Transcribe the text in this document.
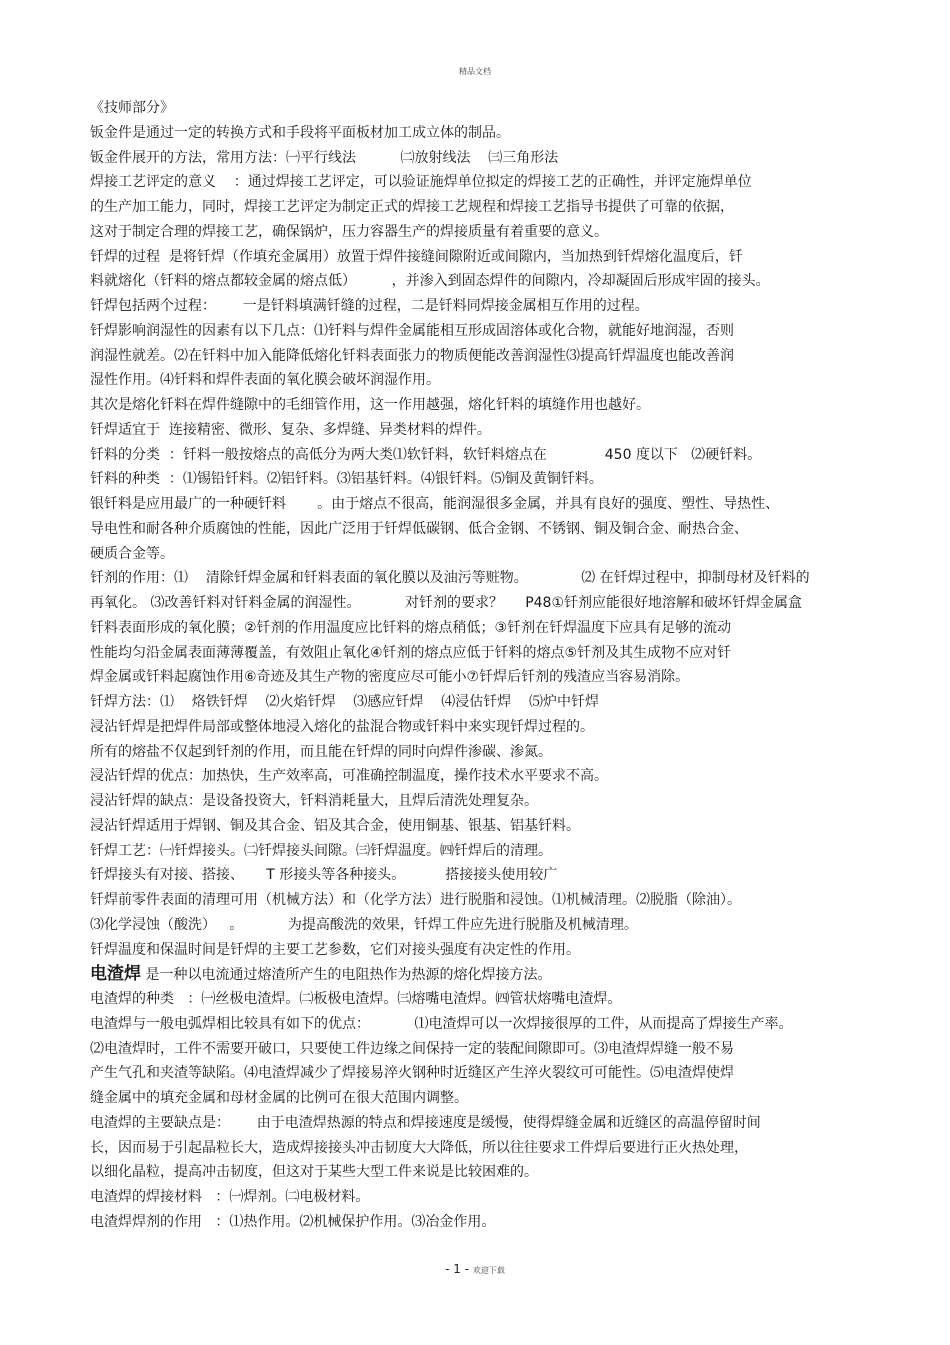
精品文档
《技师部分》
钣金件是通过一定的转换方式和手段将平面板材加工成立体的制品。
钣金件展开的方法，常用方法：㈠平行线法          ㈡放射线法    ㈢三角形法
焊接工艺评定的意义    ：通过焊接工艺评定，可以验证施焊单位拟定的焊接工艺的正确性，并评定施焊单位
的生产加工能力，同时，焊接工艺评定为制定正式的焊接工艺规程和焊接工艺指导书提供了可靠的依据，
这对于制定合理的焊接工艺，确保锅炉，压力容器生产的焊接质量有着重要的意义。
钎焊的过程  是将钎焊（作填充金属用）放置于焊件接缝间隙附近或间隙内，当加热到钎焊熔化温度后，钎
料就熔化（钎料的熔点都较金属的熔点低）        ，并渗入到固态焊件的间隙内，冷却凝固后形成牢固的接头。
钎焊包括两个过程：      一是钎料填满钎缝的过程，二是钎料同焊接金属相互作用的过程。
钎焊影响润湿性的因素有以下几点：⑴钎料与焊件金属能相互形成固溶体或化合物，就能好地润湿，否则
润湿性就差。⑵在钎料中加入能降低熔化钎料表面张力的物质便能改善润湿性⑶提高钎焊温度也能改善润
湿性作用。⑷钎料和焊件表面的氧化膜会破坏润湿作用。
其次是熔化钎料在焊件缝隙中的毛细管作用，这一作用越强，熔化钎料的填缝作用也越好。
钎焊适宜于  连接精密、微形、复杂、多焊缝、异类材料的焊件。
钎料的分类  ：钎料一般按熔点的高低分为两大类⑴软钎料，软钎料熔点在             450 度以下   ⑵硬钎料。
钎料的种类  ：⑴锡铅钎料。⑵铝钎料。⑶铝基钎料。⑷银钎料。⑸铜及黄铜钎料。
银钎料是应用最广的一种硬钎料       。由于熔点不很高，能润湿很多金属，并具有良好的强度、塑性、导热性、
导电性和耐各种介质腐蚀的性能，因此广泛用于钎焊低碳钢、低合金钢、不锈钢、铜及铜合金、耐热合金、
硬质合金等。
钎剂的作用：⑴    清除钎焊金属和钎料表面的氧化膜以及油污等赃物。            ⑵ 在钎焊过程中，抑制母材及钎料的
再氧化。 ⑶改善钎料对钎料金属的润湿性。          对钎剂的要求？     P48①钎剂应能很好地溶解和破坏钎焊金属盒
钎料表面形成的氧化膜；②钎剂的作用温度应比钎料的熔点稍低；③钎剂在钎焊温度下应具有足够的流动
性能均匀沿金属表面薄薄覆盖，有效阻止氧化④钎剂的熔点应低于钎料的熔点⑤钎剂及其生成物不应对钎
焊金属或钎料起腐蚀作用⑥奇迹及其生产物的密度应尽可能小⑦钎焊后钎剂的残渣应当容易消除。
钎焊方法：⑴    烙铁钎焊    ⑵火焰钎焊    ⑶感应钎焊    ⑷浸估钎焊    ⑸炉中钎焊
浸沾钎焊是把焊件局部或整体地浸入熔化的盐混合物或钎料中来实现钎焊过程的。
所有的熔盐不仅起到钎剂的作用，而且能在钎焊的同时向焊件渗碳、渗氮。
浸沾钎焊的优点：加热快，生产效率高，可准确控制温度，操作技术水平要求不高。
浸沾钎焊的缺点：是设备投资大，钎料消耗量大，且焊后清洗处理复杂。
浸沾钎焊适用于焊钢、铜及其合金、铝及其合金，使用铜基、银基、铝基钎料。
钎焊工艺：㈠钎焊接头。㈡钎焊接头间隙。㈢钎焊温度。㈣钎焊后的清理。
钎焊接头有对接、搭接、     T 形接头等各种接头。         搭接接头使用较广
钎焊前零件表面的清理可用（机械方法）和（化学方法）进行脱脂和浸蚀。⑴机械清理。⑵脱脂（除油）。
⑶化学浸蚀（酸洗）   。          为提高酸洗的效果，钎焊工件应先进行脱脂及机械清理。
钎焊温度和保温时间是钎焊的主要工艺参数，它们对接头强度有决定性的作用。
电渣焊 是一种以电流通过熔渣所产生的电阻热作为热源的熔化焊接方法。
电渣焊的种类   ：㈠丝极电渣焊。㈡板极电渣焊。㈢熔嘴电渣焊。㈣管状熔嘴电渣焊。
电渣焊与一般电弧焊相比较具有如下的优点：          ⑴电渣焊可以一次焊接很厚的工件，从而提高了焊接生产率。
⑵电渣焊时，工件不需要开破口，只要使工件边缘之间保持一定的装配间隙即可。⑶电渣焊焊缝一般不易
产生气孔和夹渣等缺陷。⑷电渣焊减少了焊接易淬火钢种时近缝区产生淬火裂纹可可能性。⑸电渣焊使焊
缝金属中的填充金属和母材金属的比例可在很大范围内调整。
电渣焊的主要缺点是：      由于电渣焊热源的特点和焊接速度是缓慢，使得焊缝金属和近缝区的高温停留时间
长，因而易于引起晶粒长大，造成焊接接头冲击韧度大大降低，所以往往要求工件焊后要进行正火热处理，
以细化晶粒，提高冲击韧度，但这对于某些大型工件来说是比较困难的。
电渣焊的焊接材料   ：㈠焊剂。㈡电极材料。
电渣焊焊剂的作用   ：⑴热作用。⑵机械保护作用。⑶冶金作用。
- 1 - 欢迎下载
